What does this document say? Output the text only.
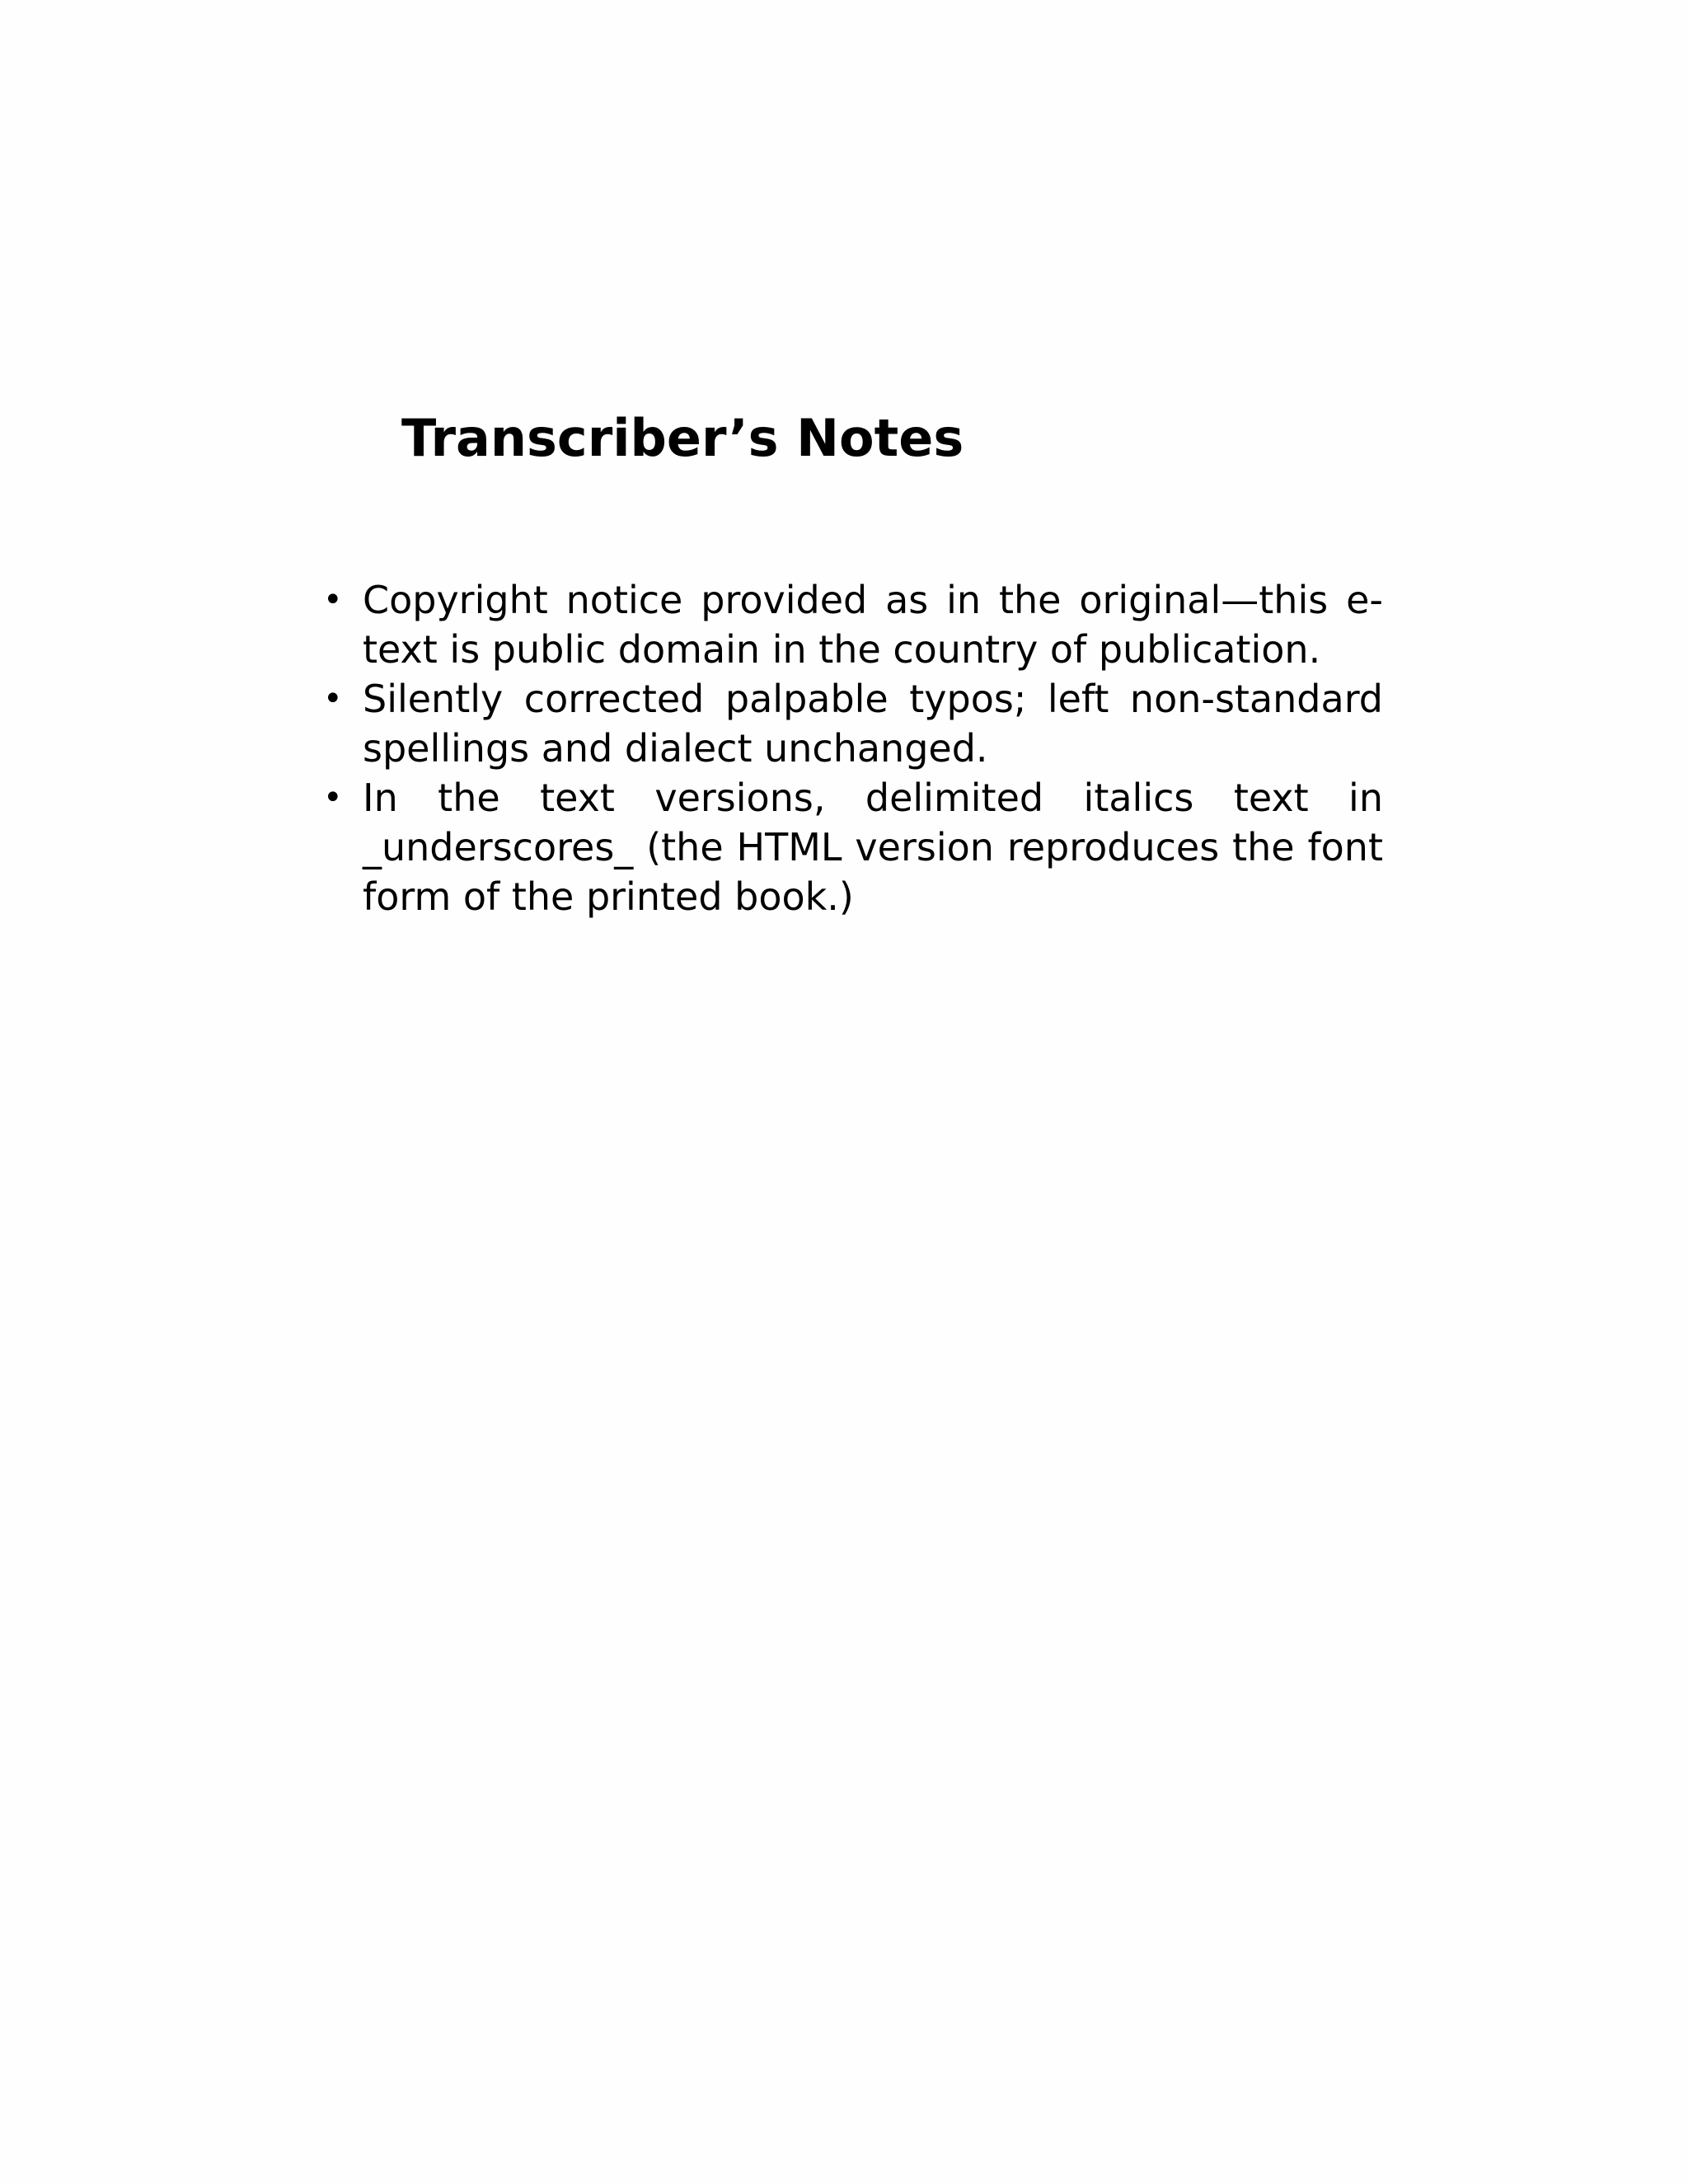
Transcriber’s Notes
• Copyright notice provided as in the original—this e-text is public domain in the country of publication.
• Silently corrected palpable typos; left non-standard spellings and dialect unchanged.
• In the text versions, delimited italics text in _underscores_ (the HTML version reproduces the font form of the printed book.)
